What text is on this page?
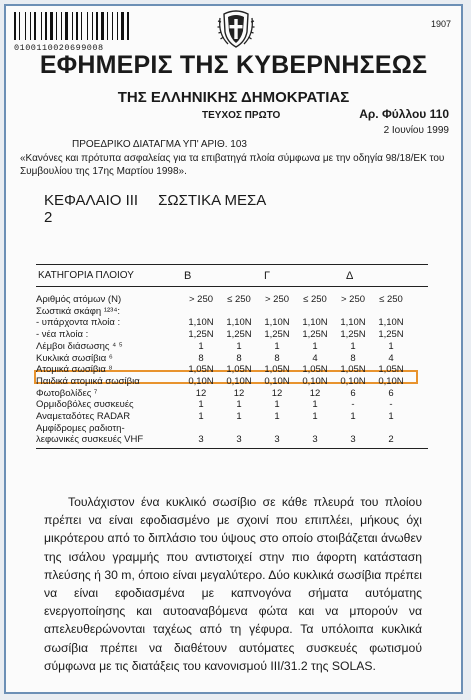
0100110020699008
1907
ΕΦΗΜΕΡΙΣ ΤΗΣ ΚΥΒΕΡΝΗΣΕΩΣ
ΤΗΣ ΕΛΛΗΝΙΚΗΣ ΔΗΜΟΚΡΑΤΙΑΣ
ΤΕΥΧΟΣ ΠΡΩΤΟ	Αρ. Φύλλου 110
2 Ιουνίου 1999
ΠΡΟΕΔΡΙΚΟ ΔΙΑΤΑΓΜΑ ΥΠ' ΑΡΙΘ. 103
«Κανόνες και πρότυπα ασφαλείας για τα επιβατηγά πλοία σύμφωνα με την οδηγία 98/18/ΕΚ του Συμβουλίου της 17ης Μαρτίου 1998».
ΚΕΦΑΛΑΙΟ ΙΙΙ ΣΩΣΤΙΚΑ ΜΕΣΑ
2
Τουλάχιστον ένα κυκλικό σωσίβιο σε κάθε πλευρά του πλοίου πρέπει να είναι εφοδιασμένο με σχοινί που επιπλέει, μήκους όχι μικρότερου από το διπλάσιο του ύψους στο οποίο στοιβάζεται άνωθεν της ισάλου γραμμής που αντιστοιχεί στην πιο άφορτη κατάσταση πλεύσης ή 30 m, όποιο είναι μεγαλύτερο. Δύο κυκλικά σωσίβια πρέπει να είναι εφοδιασμένα με καπνογόνα σήματα αυτόματης ενεργοποίησης και αυτοαναβόμενα φώτα και να μπορούν να απελευθερώνονται ταχέως από τη γέφυρα. Τα υπόλοιπα κυκλικά σωσίβια πρέπει να διαθέτουν αυτόματες συσκευές φωτισμού σύμφωνα με τις διατάξεις του κανονισμού ΙΙΙ/31.2 της SOLAS.
ΚΑΤΗΓΟΡΙΑ ΠΛΟΙΟΥ	Β	Γ	Δ
Αριθμός ατόμων (Ν)	> 250	≤ 250	> 250	≤ 250	> 250	≤ 250
Σωστικά σκάφη ¹²³⁴:
- υπάρχοντα πλοία :	1,10N	1,10N	1,10N	1,10N	1,10N	1,10N
- νέα πλοία :	1,25N	1,25N	1,25N	1,25N	1,25N	1,25N
Λέμβοι διάσωσης ⁴ ⁵	1	1	1	1	1	1
Κυκλικά σωσίβια ⁶	8	8	8	4	8	4
Ατομικά σωσίβια ⁸	1,05N	1,05N	1,05N	1,05N	1,05N	1,05N
Παιδικά ατομικά σωσίβια	0,10N	0,10N	0,10N	0,10N	0,10N	0,10N
Φωτοβολίδες ⁷	12	12	12	12	6	6
Ορμιδοβόλες συσκευές	1	1	1	1	-	-
Αναμεταδότες RADAR	1	1	1	1	1	1
Αμφίδρομες ραδιοτη-
λεφωνικές συσκευές VHF	3	3	3	3	3	2
